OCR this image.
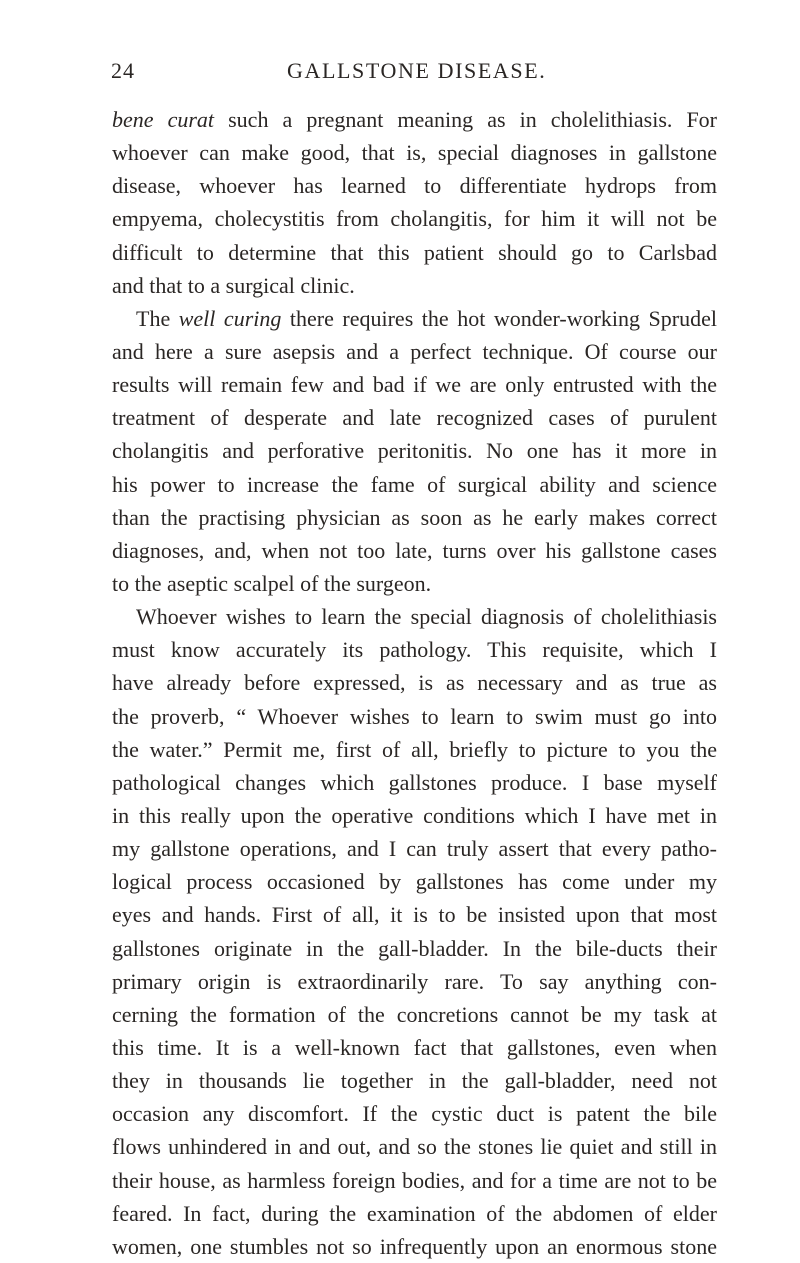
24	GALLSTONE DISEASE.
bene curat such a pregnant meaning as in cholelithiasis. For
whoever can make good, that is, special diagnoses in gallstone
disease, whoever has learned to differentiate hydrops from
empyema, cholecystitis from cholangitis, for him it will not be
difficult to determine that this patient should go to Carlsbad
and that to a surgical clinic.
The well curing there requires the hot wonder-working Sprudel
and here a sure asepsis and a perfect technique. Of course our
results will remain few and bad if we are only entrusted with the
treatment of desperate and late recognized cases of purulent
cholangitis and perforative peritonitis. No one has it more in
his power to increase the fame of surgical ability and science
than the practising physician as soon as he early makes correct
diagnoses, and, when not too late, turns over his gallstone cases
to the aseptic scalpel of the surgeon.
Whoever wishes to learn the special diagnosis of cholelithiasis
must know accurately its pathology. This requisite, which I
have already before expressed, is as necessary and as true as
the proverb, “ Whoever wishes to learn to swim must go into
the water.” Permit me, first of all, briefly to picture to you the
pathological changes which gallstones produce. I base myself
in this really upon the operative conditions which I have met in
my gallstone operations, and I can truly assert that every patho-
logical process occasioned by gallstones has come under my
eyes and hands. First of all, it is to be insisted upon that most
gallstones originate in the gall-bladder. In the bile-ducts their
primary origin is extraordinarily rare. To say anything con-
cerning the formation of the concretions cannot be my task at
this time. It is a well-known fact that gallstones, even when
they in thousands lie together in the gall-bladder, need not
occasion any discomfort. If the cystic duct is patent the bile
flows unhindered in and out, and so the stones lie quiet and still in
their house, as harmless foreign bodies, and for a time are not to be
feared. In fact, during the examination of the abdomen of elder
women, one stumbles not so infrequently upon an enormous stone
